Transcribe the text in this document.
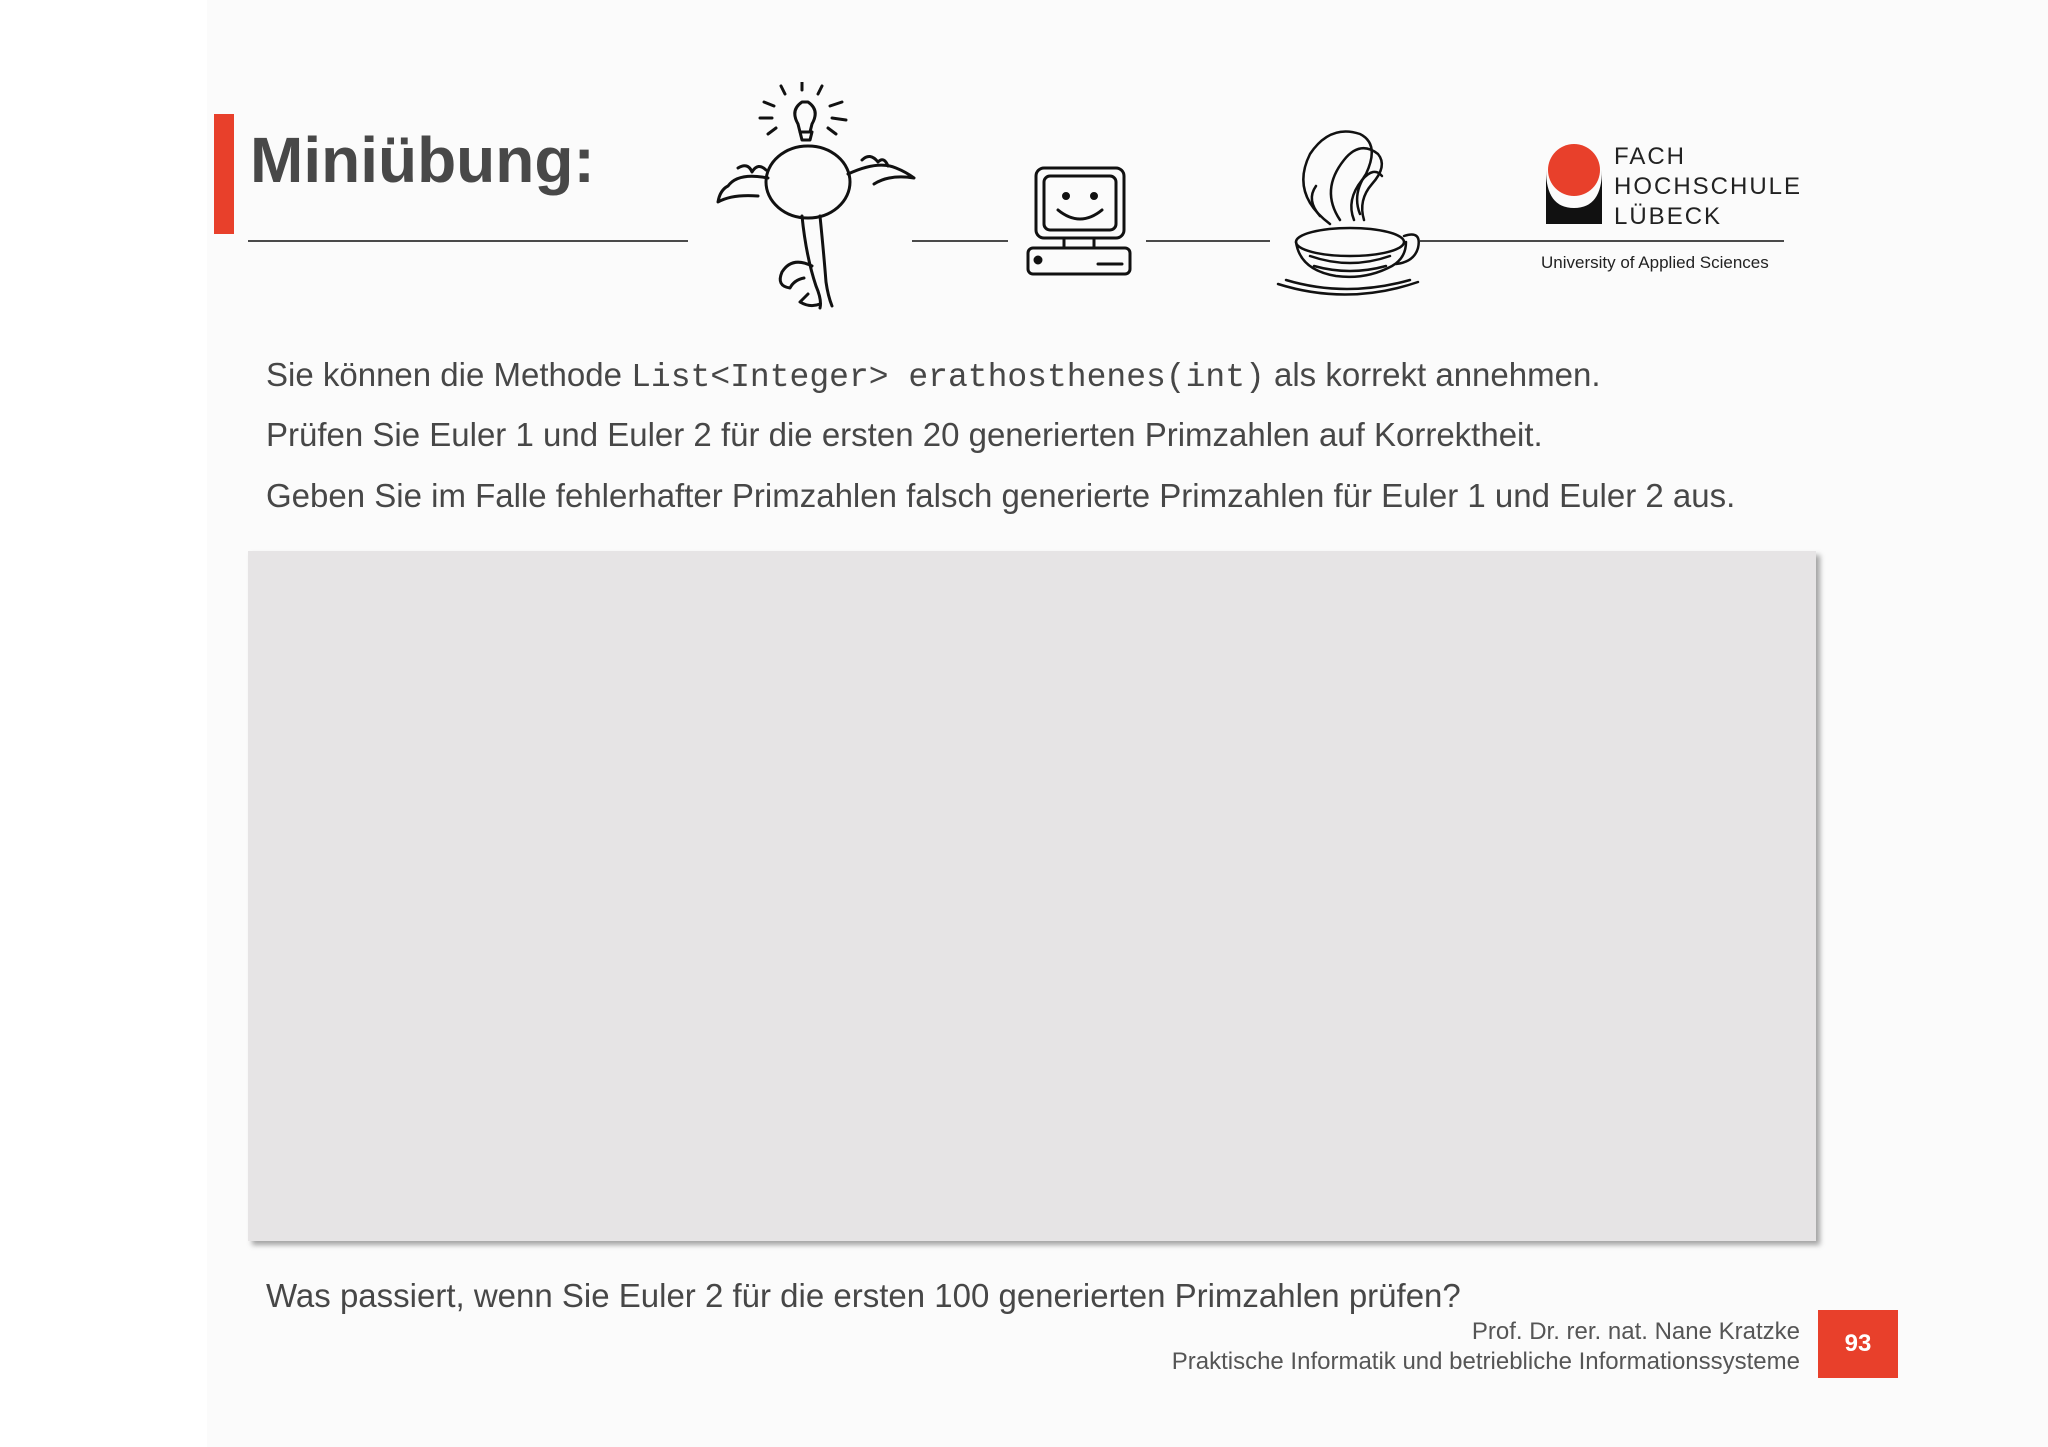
Miniübung:	FACH
HOCHSCHULE
LÜBECK
University of Applied Sciences
Sie können die Methode List<Integer> erathosthenes(int) als korrekt annehmen.
Prüfen Sie Euler 1 und Euler 2 für die ersten 20 generierten Primzahlen auf Korrektheit.
Geben Sie im Falle fehlerhafter Primzahlen falsch generierte Primzahlen für Euler 1 und Euler 2 aus.
Was passiert, wenn Sie Euler 2 für die ersten 100 generierten Primzahlen prüfen?
Prof. Dr. rer. nat. Nane Kratzke
Praktische Informatik und betriebliche Informationssysteme
93
